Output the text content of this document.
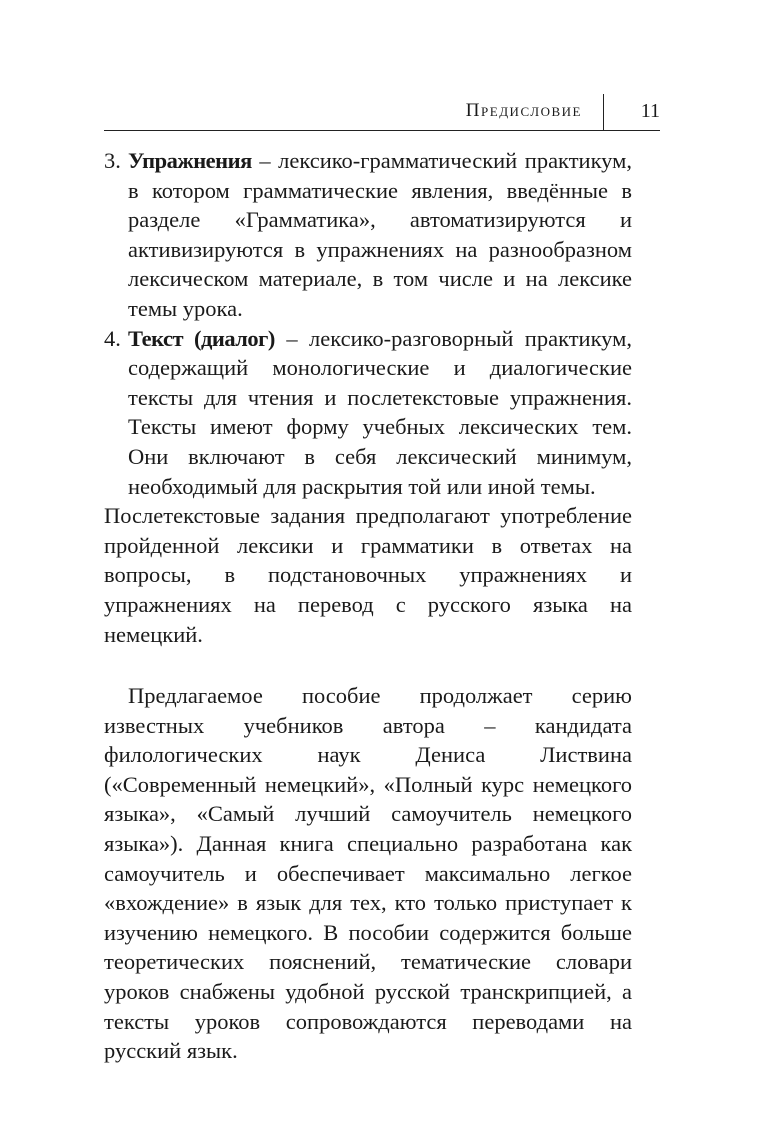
Предисловие	11

3. Упражнения – лексико-грамматический практикум, в котором грамматические явления, введённые в разделе «Грамматика», автоматизируются и активизируются в упражнениях на разнообразном лексическом материале, в том числе и на лексике темы урока.

4. Текст (диалог) – лексико-разговорный практикум, содержащий монологические и диалогические тексты для чтения и послетекстовые упражнения. Тексты имеют форму учебных лексических тем. Они включают в себя лексический минимум, необходимый для раскрытия той или иной темы.

Послетекстовые задания предполагают употребление пройденной лексики и грамматики в ответах на вопросы, в подстановочных упражнениях и упражнениях на перевод с русского языка на немецкий.

Предлагаемое пособие продолжает серию известных учебников автора – кандидата филологических наук Дениса Листвина («Современный немецкий», «Полный курс немецкого языка», «Самый лучший самоучитель немецкого языка»). Данная книга специально разработана как самоучитель и обеспечивает максимально легкое «вхождение» в язык для тех, кто только приступает к изучению немецкого. В пособии содержится больше теоретических пояснений, тематические словари уроков снабжены удобной русской транскрипцией, а тексты уроков сопровождаются переводами на русский язык.
